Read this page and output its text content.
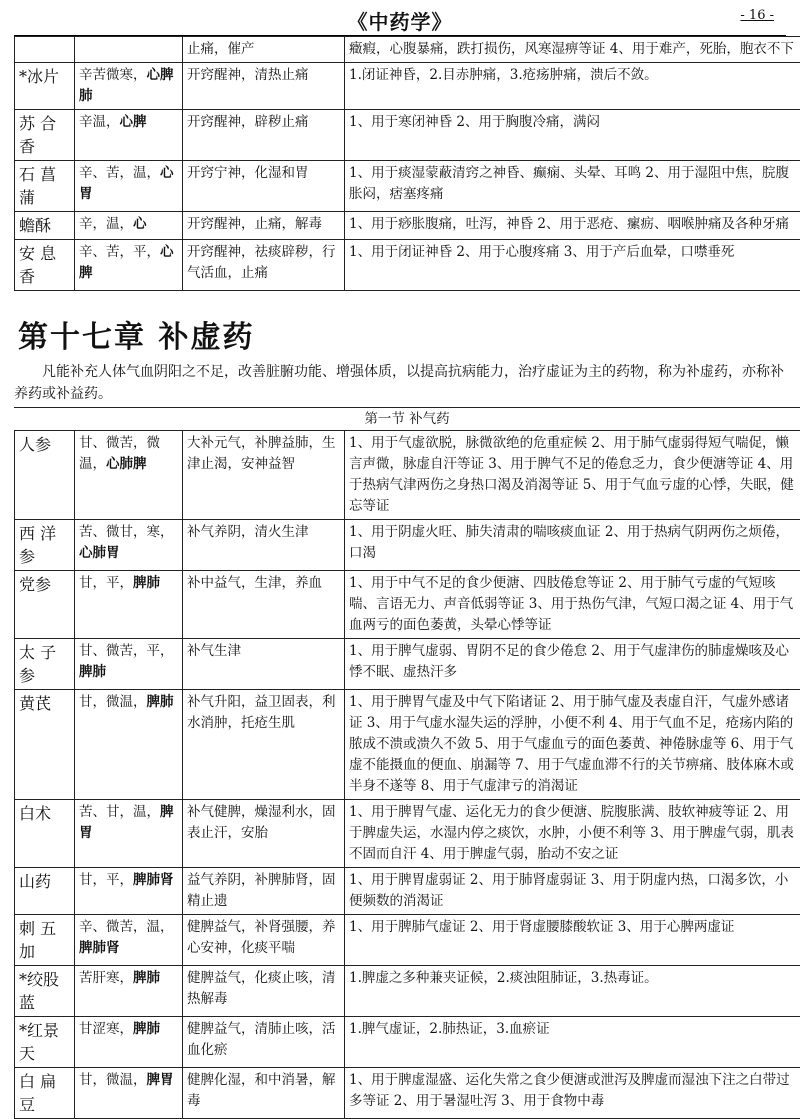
《中药学》	- 16 -
		止痛，催产	癥瘕，心腹暴痛，跌打损伤，风寒湿痹等证 4、用于难产，死胎，胞衣不下
*冰片	辛苦微寒，心脾肺	开窍醒神，清热止痛	1.闭证神昏，2.目赤肿痛，3.疮疡肿痛，溃后不敛。
苏 合 香	辛温，心脾	开窍醒神，辟秽止痛	1、用于寒闭神昏 2、用于胸腹冷痛，满闷
石 菖 蒲	辛、苦，温，心胃	开窍宁神，化湿和胃	1、用于痰湿蒙蔽清窍之神昏、癫痫、头晕、耳鸣 2、用于湿阻中焦，脘腹胀闷，痞塞疼痛
蟾酥	辛，温，心	开窍醒神，止痛，解毒	1、用于痧胀腹痛，吐泻，神昏 2、用于恶疮、瘰疬、咽喉肿痛及各种牙痛
安 息 香	辛、苦，平，心脾	开窍醒神，祛痰辟秽，行气活血，止痛	1、用于闭证神昏 2、用于心腹疼痛 3、用于产后血晕，口噤垂死
第十七章 补虚药
凡能补充人体气血阴阳之不足，改善脏腑功能、增强体质，以提高抗病能力，治疗虚证为主的药物，称为补虚药，亦称补养药或补益药。
第一节 补气药
人参	甘、微苦，微温，心肺脾	大补元气，补脾益肺，生津止渴，安神益智	1、用于气虚欲脱，脉微欲绝的危重症候 2、用于肺气虚弱得短气喘促，懒言声微，脉虚自汗等证 3、用于脾气不足的倦怠乏力，食少便溏等证 4、用于热病气津两伤之身热口渴及消渴等证 5、用于气血亏虚的心悸，失眠，健忘等证
西 洋 参	苦、微甘，寒，心肺胃	补气养阴，清火生津	1、用于阴虚火旺、肺失清肃的喘咳痰血证 2、用于热病气阴两伤之烦倦，口渴
党参	甘，平，脾肺	补中益气，生津，养血	1、用于中气不足的食少便溏、四肢倦怠等证 2、用于肺气亏虚的气短咳喘、言语无力、声音低弱等证 3、用于热伤气津，气短口渴之证 4、用于气血两亏的面色萎黄，头晕心悸等证
太 子 参	甘、微苦，平，脾肺	补气生津	1、用于脾气虚弱、胃阴不足的食少倦怠 2、用于气虚津伤的肺虚燥咳及心悸不眠、虚热汗多
黄芪	甘，微温，脾肺	补气升阳，益卫固表，利水消肿，托疮生肌	1、用于脾胃气虚及中气下陷诸证 2、用于肺气虚及表虚自汗，气虚外感诸证 3、用于气虚水湿失运的浮肿，小便不利 4、用于气血不足，疮疡内陷的脓成不溃或溃久不敛 5、用于气虚血亏的面色萎黄、神倦脉虚等 6、用于气虚不能摄血的便血、崩漏等 7、用于气虚血滞不行的关节痹痛、肢体麻木或半身不遂等 8、用于气虚津亏的消渴证
白术	苦、甘，温，脾胃	补气健脾，燥湿利水，固表止汗，安胎	1、用于脾胃气虚、运化无力的食少便溏、脘腹胀满、肢软神疲等证 2、用于脾虚失运，水湿内停之痰饮，水肿，小便不利等 3、用于脾虚气弱，肌表不固而自汗 4、用于脾虚气弱，胎动不安之证
山药	甘，平，脾肺肾	益气养阴，补脾肺肾，固精止遗	1、用于脾胃虚弱证 2、用于肺肾虚弱证 3、用于阴虚内热，口渴多饮，小便频数的消渴证
刺 五 加	辛、微苦，温，脾肺肾	健脾益气，补肾强腰，养心安神，化痰平喘	1、用于脾肺气虚证 2、用于肾虚腰膝酸软证 3、用于心脾两虚证
*绞股蓝	苦肝寒，脾肺	健脾益气，化痰止咳，清热解毒	1.脾虚之多种兼夹证候，2.痰浊阻肺证，3.热毒证。
*红景天	甘涩寒，脾肺	健脾益气，清肺止咳，活血化瘀	1.脾气虚证，2.肺热证，3.血瘀证
白 扁 豆	甘，微温，脾胃	健脾化湿，和中消暑，解毒	1、用于脾虚湿盛、运化失常之食少便溏或泄泻及脾虚而湿浊下注之白带过多等证 2、用于暑湿吐泻 3、用于食物中毒
